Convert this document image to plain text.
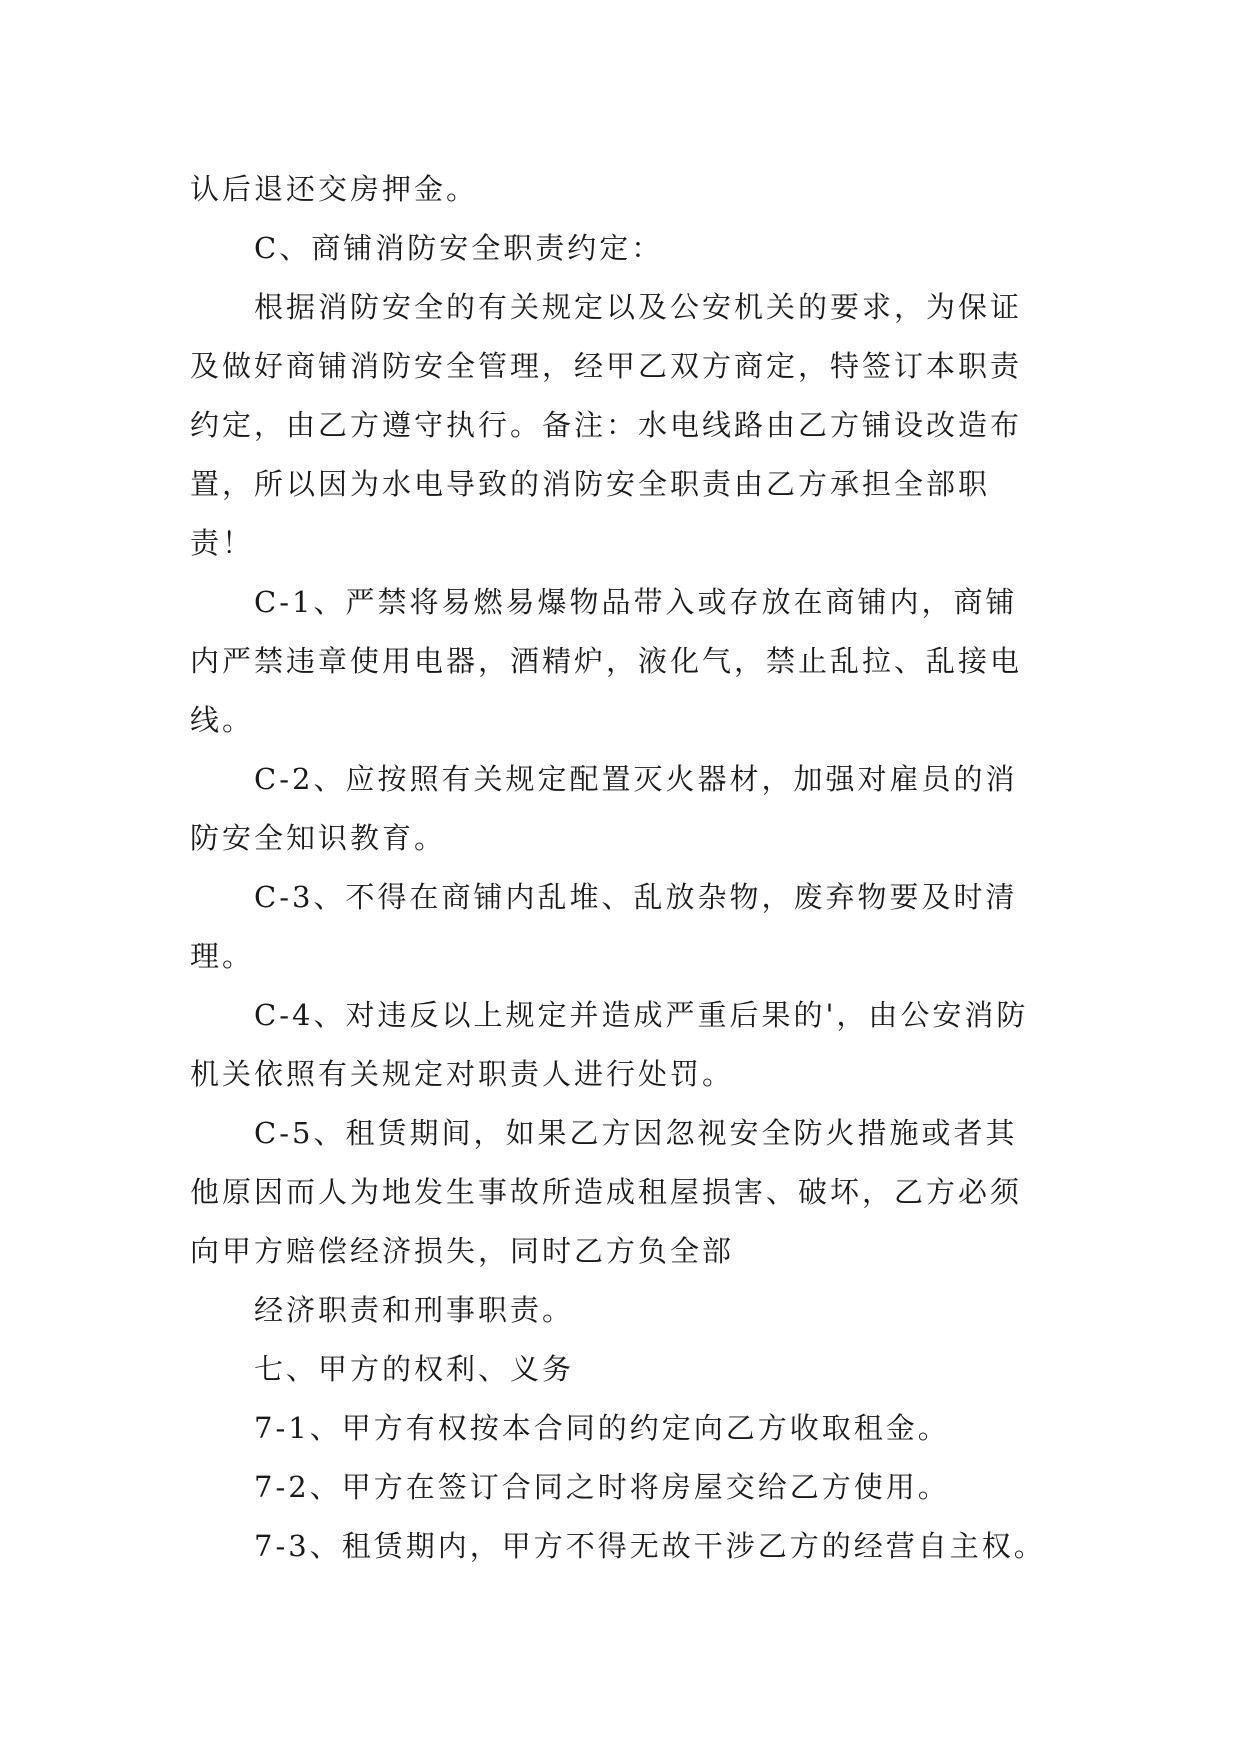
认后退还交房押金。
C、商铺消防安全职责约定：
根据消防安全的有关规定以及公安机关的要求，为保证
及做好商铺消防安全管理，经甲乙双方商定，特签订本职责
约定，由乙方遵守执行。备注：水电线路由乙方铺设改造布
置，所以因为水电导致的消防安全职责由乙方承担全部职
责！
C-1、严禁将易燃易爆物品带入或存放在商铺内，商铺
内严禁违章使用电器，酒精炉，液化气，禁止乱拉、乱接电
线。
C-2、应按照有关规定配置灭火器材，加强对雇员的消
防安全知识教育。
C-3、不得在商铺内乱堆、乱放杂物，废弃物要及时清
理。
C-4、对违反以上规定并造成严重后果的'，由公安消防
机关依照有关规定对职责人进行处罚。
C-5、租赁期间，如果乙方因忽视安全防火措施或者其
他原因而人为地发生事故所造成租屋损害、破坏，乙方必须
向甲方赔偿经济损失，同时乙方负全部
经济职责和刑事职责。
七、甲方的权利、义务
7-1、甲方有权按本合同的约定向乙方收取租金。
7-2、甲方在签订合同之时将房屋交给乙方使用。
7-3、租赁期内，甲方不得无故干涉乙方的经营自主权。
